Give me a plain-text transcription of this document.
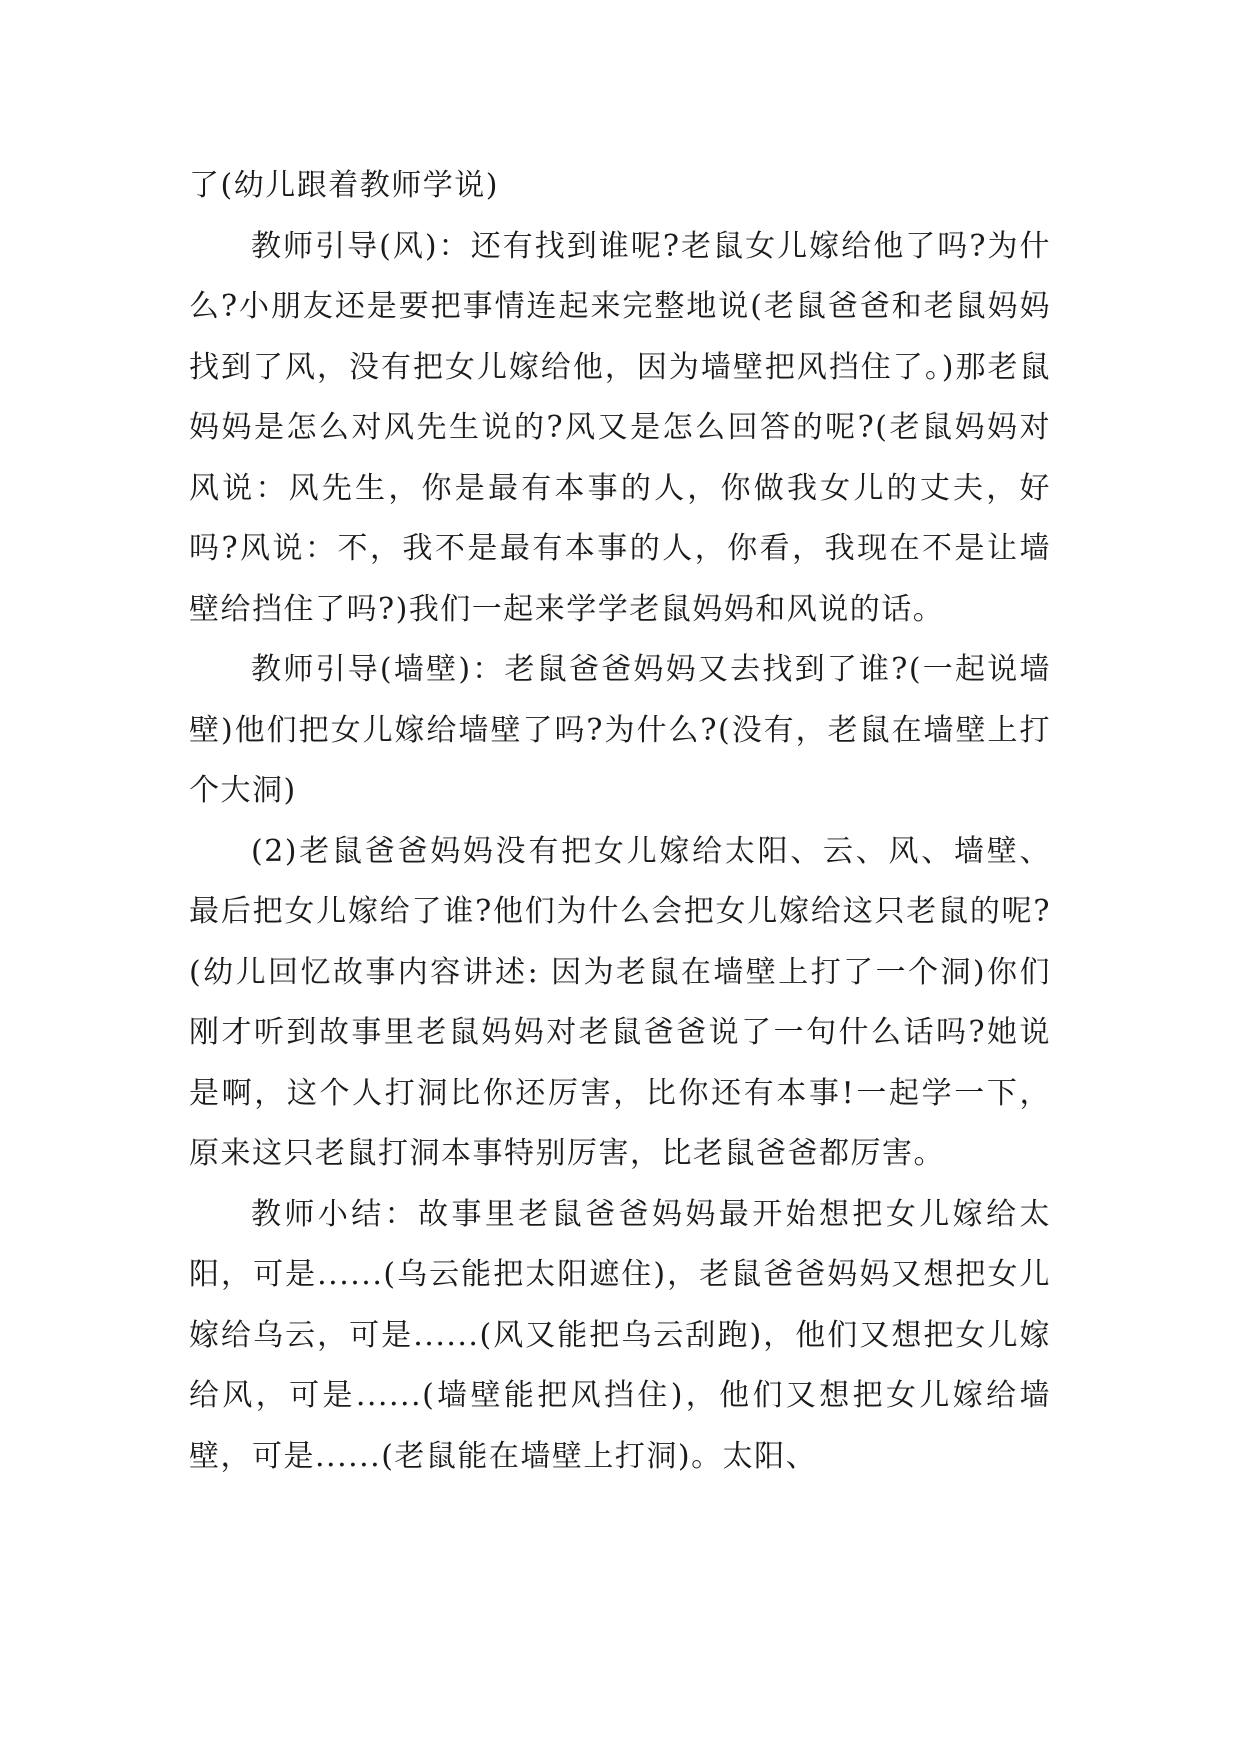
了(幼儿跟着教师学说)

教师引导(风)：还有找到谁呢?老鼠女儿嫁给他了吗?为什么?小朋友还是要把事情连起来完整地说(老鼠爸爸和老鼠妈妈找到了风，没有把女儿嫁给他，因为墙壁把风挡住了。)那老鼠妈妈是怎么对风先生说的?风又是怎么回答的呢?(老鼠妈妈对风说：风先生，你是最有本事的人，你做我女儿的丈夫，好吗?风说：不，我不是最有本事的人，你看，我现在不是让墙壁给挡住了吗?)我们一起来学学老鼠妈妈和风说的话。

教师引导(墙壁)：老鼠爸爸妈妈又去找到了谁?(一起说墙壁)他们把女儿嫁给墙壁了吗?为什么?(没有，老鼠在墙壁上打个大洞)

(2)老鼠爸爸妈妈没有把女儿嫁给太阳、云、风、墙壁、最后把女儿嫁给了谁?他们为什么会把女儿嫁给这只老鼠的呢?(幼儿回忆故事内容讲述: 因为老鼠在墙壁上打了一个洞)你们刚才听到故事里老鼠妈妈对老鼠爸爸说了一句什么话吗?她说是啊，这个人打洞比你还厉害，比你还有本事!一起学一下，原来这只老鼠打洞本事特别厉害，比老鼠爸爸都厉害。

教师小结：故事里老鼠爸爸妈妈最开始想把女儿嫁给太阳，可是......(乌云能把太阳遮住)，老鼠爸爸妈妈又想把女儿嫁给乌云，可是......(风又能把乌云刮跑)，他们又想把女儿嫁给风，可是......(墙壁能把风挡住)，他们又想把女儿嫁给墙壁，可是......(老鼠能在墙壁上打洞)。太阳、
